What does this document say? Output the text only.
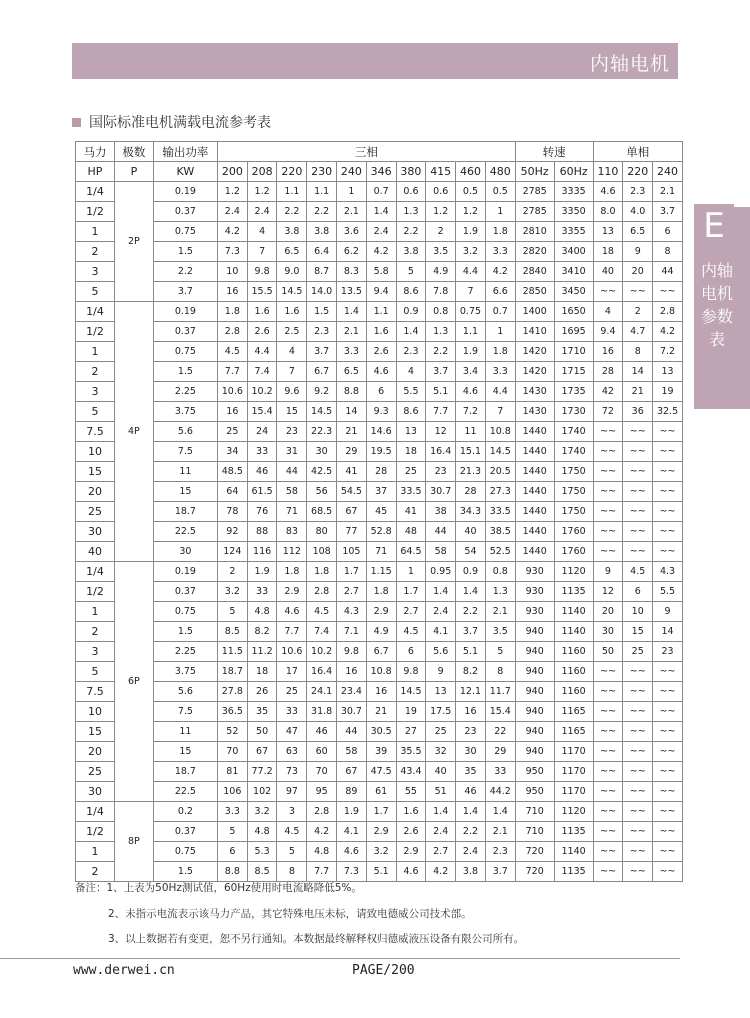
内轴电机
国际标准电机满载电流参考表
马力	极数	输出功率	三相										转速		单相		
HP	P	KW	200	208	220	230	240	346	380	415	460	480	50Hz	60Hz	110	220	240
1/4	2P	0.19	1.2	1.2	1.1	1.1	1	0.7	0.6	0.6	0.5	0.5	2785	3335	4.6	2.3	2.1
1/2		0.37	2.4	2.4	2.2	2.2	2.1	1.4	1.3	1.2	1.2	1	2785	3350	8.0	4.0	3.7
1		0.75	4.2	4	3.8	3.8	3.6	2.4	2.2	2	1.9	1.8	2810	3355	13	6.5	6
2		1.5	7.3	7	6.5	6.4	6.2	4.2	3.8	3.5	3.2	3.3	2820	3400	18	9	8
3		2.2	10	9.8	9.0	8.7	8.3	5.8	5	4.9	4.4	4.2	2840	3410	40	20	44
5		3.7	16	15.5	14.5	14.0	13.5	9.4	8.6	7.8	7	6.6	2850	3450	~~	~~	~~
1/4	4P	0.19	1.8	1.6	1.6	1.5	1.4	1.1	0.9	0.8	0.75	0.7	1400	1650	4	2	2.8
1/2		0.37	2.8	2.6	2.5	2.3	2.1	1.6	1.4	1.3	1.1	1	1410	1695	9.4	4.7	4.2
1		0.75	4.5	4.4	4	3.7	3.3	2.6	2.3	2.2	1.9	1.8	1420	1710	16	8	7.2
2		1.5	7.7	7.4	7	6.7	6.5	4.6	4	3.7	3.4	3.3	1420	1715	28	14	13
3		2.25	10.6	10.2	9.6	9.2	8.8	6	5.5	5.1	4.6	4.4	1430	1735	42	21	19
5		3.75	16	15.4	15	14.5	14	9.3	8.6	7.7	7.2	7	1430	1730	72	36	32.5
7.5		5.6	25	24	23	22.3	21	14.6	13	12	11	10.8	1440	1740	~~	~~	~~
10		7.5	34	33	31	30	29	19.5	18	16.4	15.1	14.5	1440	1740	~~	~~	~~
15		11	48.5	46	44	42.5	41	28	25	23	21.3	20.5	1440	1750	~~	~~	~~
20		15	64	61.5	58	56	54.5	37	33.5	30.7	28	27.3	1440	1750	~~	~~	~~
25		18.7	78	76	71	68.5	67	45	41	38	34.3	33.5	1440	1750	~~	~~	~~
30		22.5	92	88	83	80	77	52.8	48	44	40	38.5	1440	1760	~~	~~	~~
40		30	124	116	112	108	105	71	64.5	58	54	52.5	1440	1760	~~	~~	~~
1/4	6P	0.19	2	1.9	1.8	1.8	1.7	1.15	1	0.95	0.9	0.8	930	1120	9	4.5	4.3
1/2		0.37	3.2	33	2.9	2.8	2.7	1.8	1.7	1.4	1.4	1.3	930	1135	12	6	5.5
1		0.75	5	4.8	4.6	4.5	4.3	2.9	2.7	2.4	2.2	2.1	930	1140	20	10	9
2		1.5	8.5	8.2	7.7	7.4	7.1	4.9	4.5	4.1	3.7	3.5	940	1140	30	15	14
3		2.25	11.5	11.2	10.6	10.2	9.8	6.7	6	5.6	5.1	5	940	1160	50	25	23
5		3.75	18.7	18	17	16.4	16	10.8	9.8	9	8.2	8	940	1160	~~	~~	~~
7.5		5.6	27.8	26	25	24.1	23.4	16	14.5	13	12.1	11.7	940	1160	~~	~~	~~
10		7.5	36.5	35	33	31.8	30.7	21	19	17.5	16	15.4	940	1165	~~	~~	~~
15		11	52	50	47	46	44	30.5	27	25	23	22	940	1165	~~	~~	~~
20		15	70	67	63	60	58	39	35.5	32	30	29	940	1170	~~	~~	~~
25		18.7	81	77.2	73	70	67	47.5	43.4	40	35	33	950	1170	~~	~~	~~
30		22.5	106	102	97	95	89	61	55	51	46	44.2	950	1170	~~	~~	~~
1/4	8P	0.2	3.3	3.2	3	2.8	1.9	1.7	1.6	1.4	1.4	1.4	710	1120	~~	~~	~~
1/2		0.37	5	4.8	4.5	4.2	4.1	2.9	2.6	2.4	2.2	2.1	710	1135	~~	~~	~~
1		0.75	6	5.3	5	4.8	4.6	3.2	2.9	2.7	2.4	2.3	720	1140	~~	~~	~~
2		1.5	8.8	8.5	8	7.7	7.3	5.1	4.6	4.2	3.8	3.7	720	1135	~~	~~	~~
E
内轴电机参数表
备注：1、上表为50Hz测试值，60Hz使用时电流略降低5%。
2、未指示电流表示该马力产品，其它特殊电压未标，请致电德威公司技术部。
3、以上数据若有变更，恕不另行通知。本数据最终解释权归德威液压设备有限公司所有。
www.derwei.cn	PAGE/200
